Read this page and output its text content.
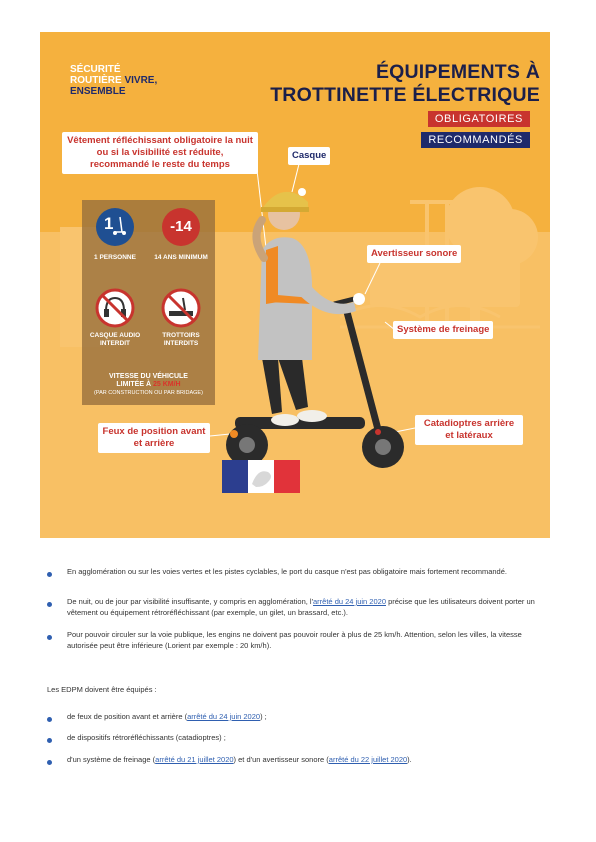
SÉCURITÉ
ROUTIÈRE VIVRE,
ENSEMBLE
ÉQUIPEMENTS À
TROTTINETTE ÉLECTRIQUE
OBLIGATOIRES
RECOMMANDÉS
Vêtement réfléchissant obligatoire la nuit ou si la visibilité est réduite, recommandé le reste du temps
Casque
Avertisseur sonore
Système de freinage
Feux de position avant et arrière
Catadioptres arrière et latéraux
1
1 PERSONNE
-14
14 ANS MINIMUM
CASQUE AUDIO INTERDIT
TROTTOIRS INTERDITS
VITESSE DU VÉHICULE
LIMITÉE À 25 KM/H
(PAR CONSTRUCTION OU PAR BRIDAGE)
En agglomération ou sur les voies vertes et les pistes cyclables, le port du casque n'est pas obligatoire mais fortement recommandé.
De nuit, ou de jour par visibilité insuffisante, y compris en agglomération, l'arrêté du 24 juin 2020 précise que les utilisateurs doivent porter un vêtement ou équipement rétroréfléchissant (par exemple, un gilet, un brassard, etc.).
Pour pouvoir circuler sur la voie publique, les engins ne doivent pas pouvoir rouler à plus de 25 km/h. Attention, selon les villes, la vitesse autorisée peut être inférieure (Lorient par exemple : 20 km/h).
Les EDPM doivent être équipés :
de feux de position avant et arrière (arrêté du 24 juin 2020) ;
de dispositifs rétroréfléchissants (catadioptres) ;
d'un système de freinage (arrêté du 21 juillet 2020) et d'un avertisseur sonore (arrêté du 22 juillet 2020).
